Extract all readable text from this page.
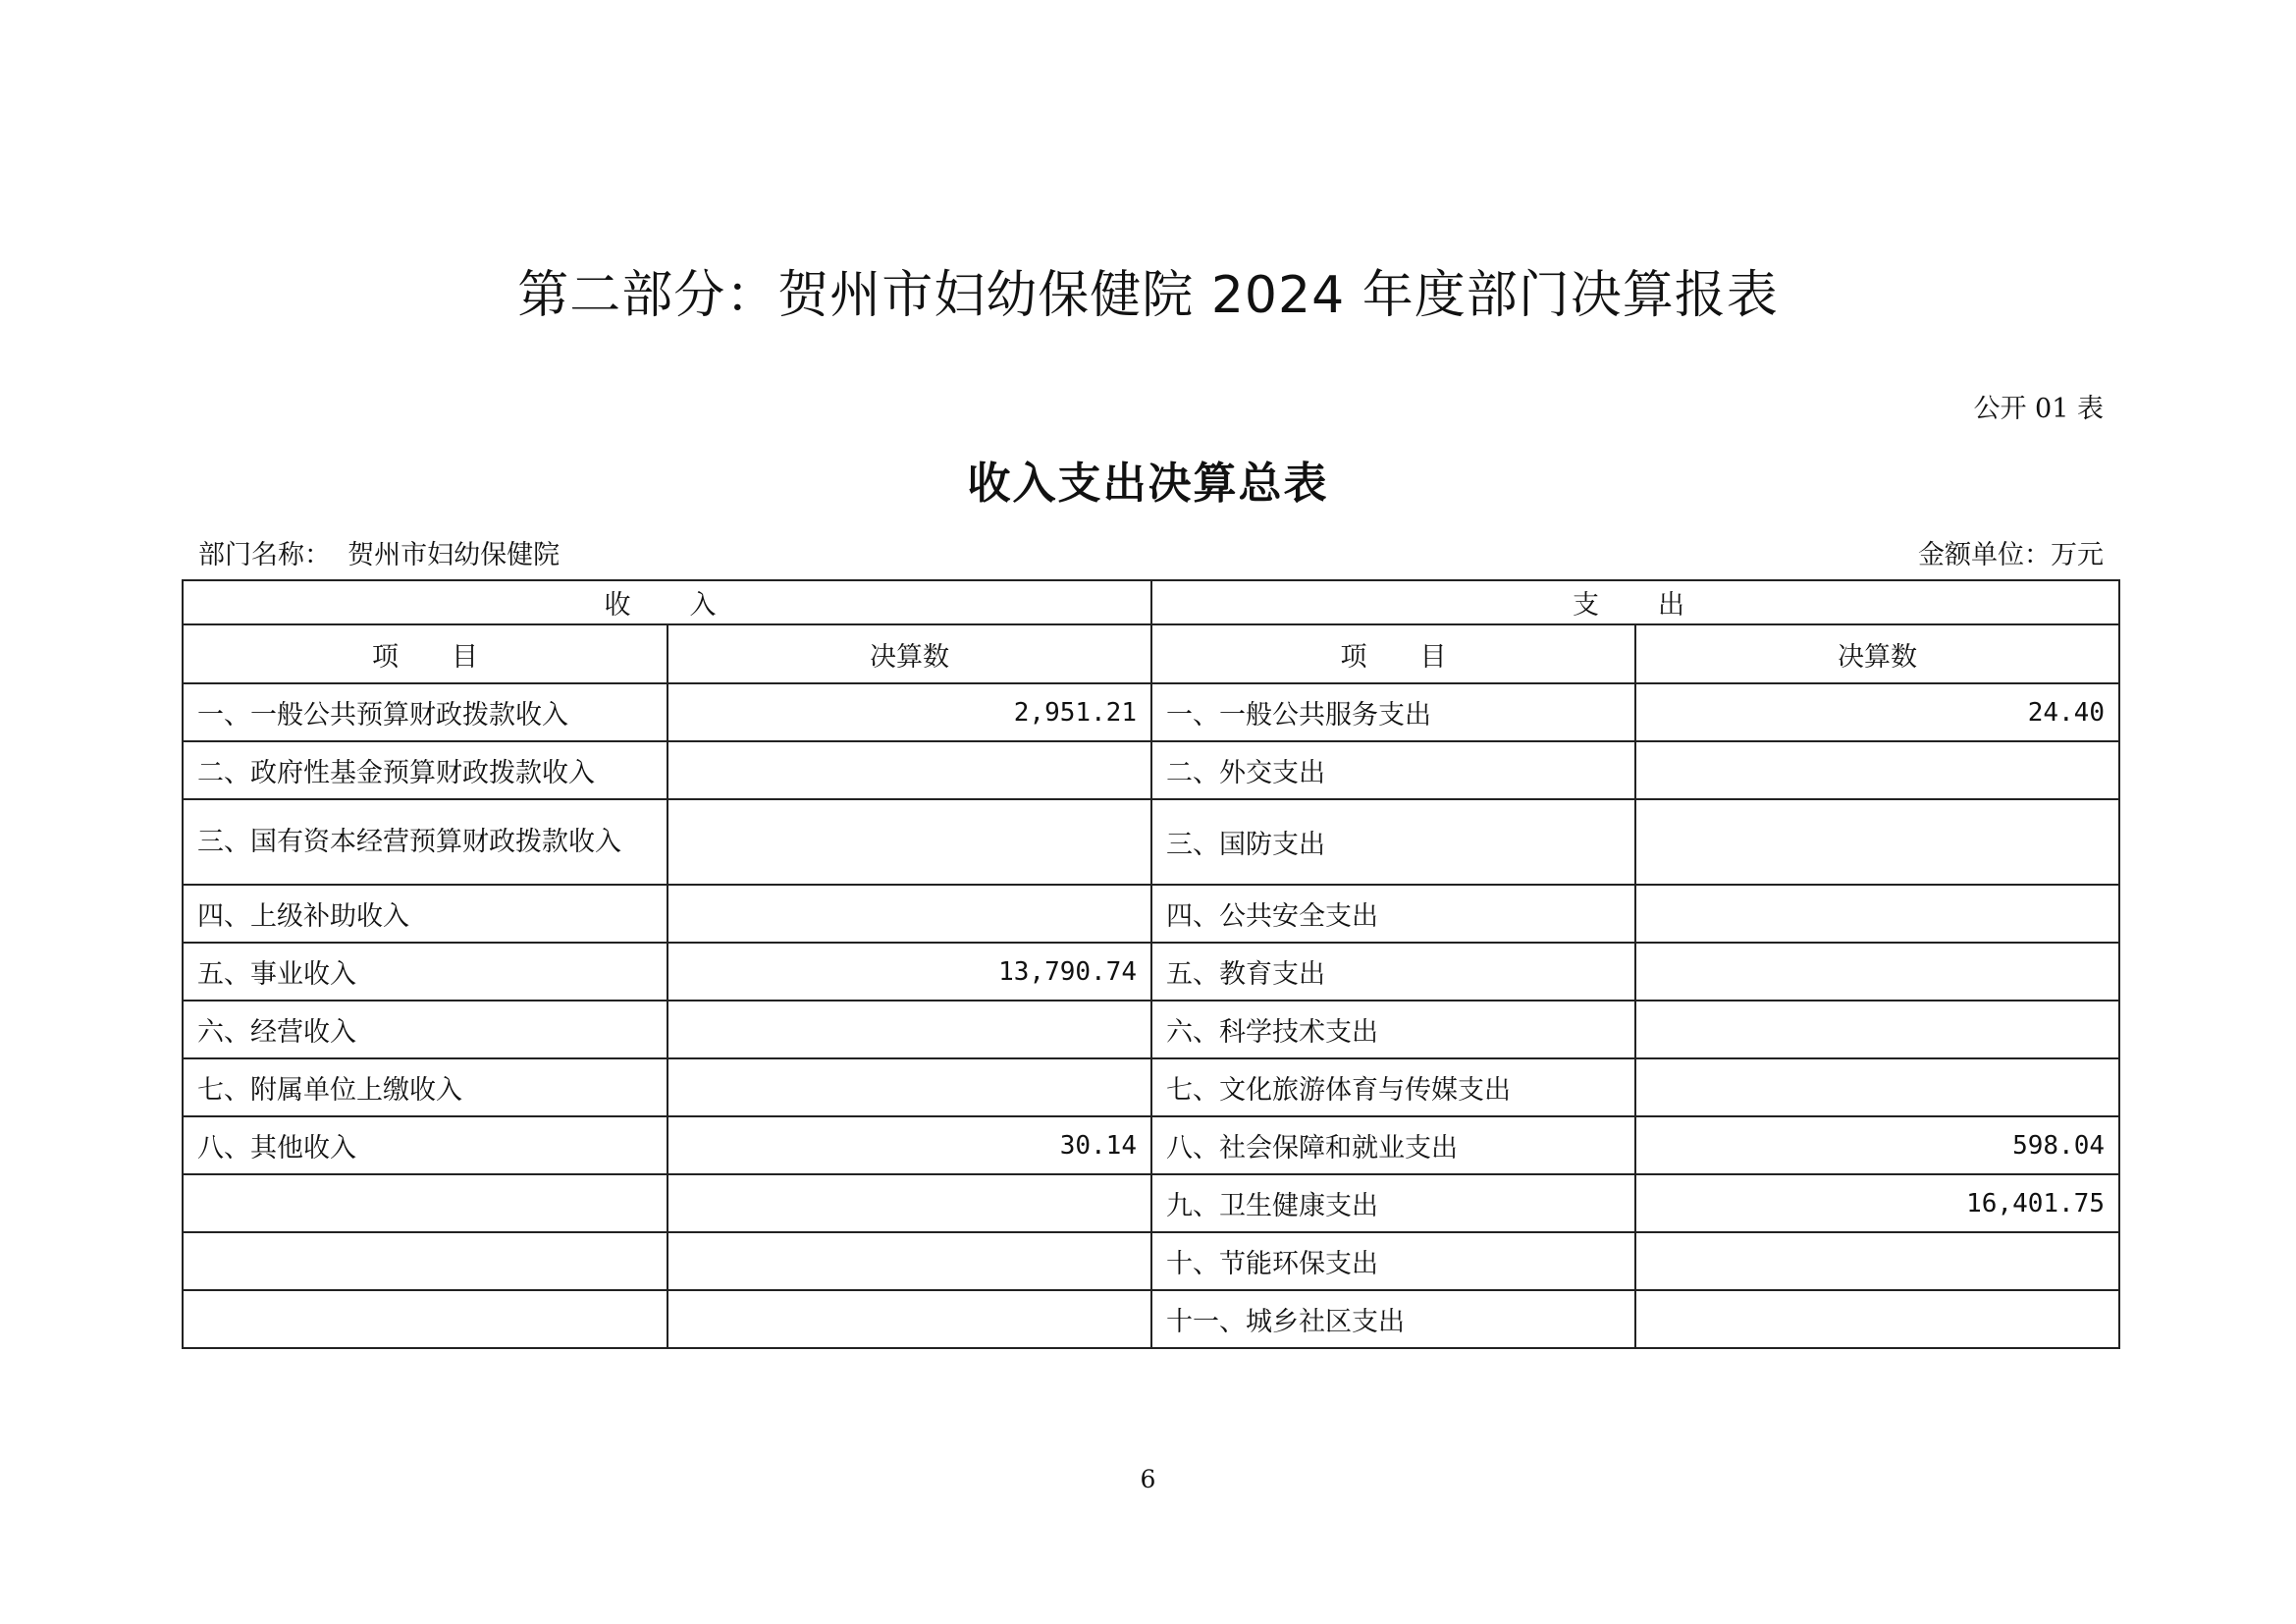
第二部分：贺州市妇幼保健院 2024 年度部门决算报表
公开 01 表
收入支出决算总表
部门名称： 贺州市妇幼保健院	金额单位：万元
收入		支出	
项　　目	决算数	项　　目	决算数
一、一般公共预算财政拨款收入	2,951.21	一、一般公共服务支出	24.40
二、政府性基金预算财政拨款收入		二、外交支出	
三、国有资本经营预算财政拨款收入		三、国防支出	
四、上级补助收入		四、公共安全支出	
五、事业收入	13,790.74	五、教育支出	
六、经营收入		六、科学技术支出	
七、附属单位上缴收入		七、文化旅游体育与传媒支出	
八、其他收入	30.14	八、社会保障和就业支出	598.04
		九、卫生健康支出	16,401.75
		十、节能环保支出	
		十一、城乡社区支出	
6
